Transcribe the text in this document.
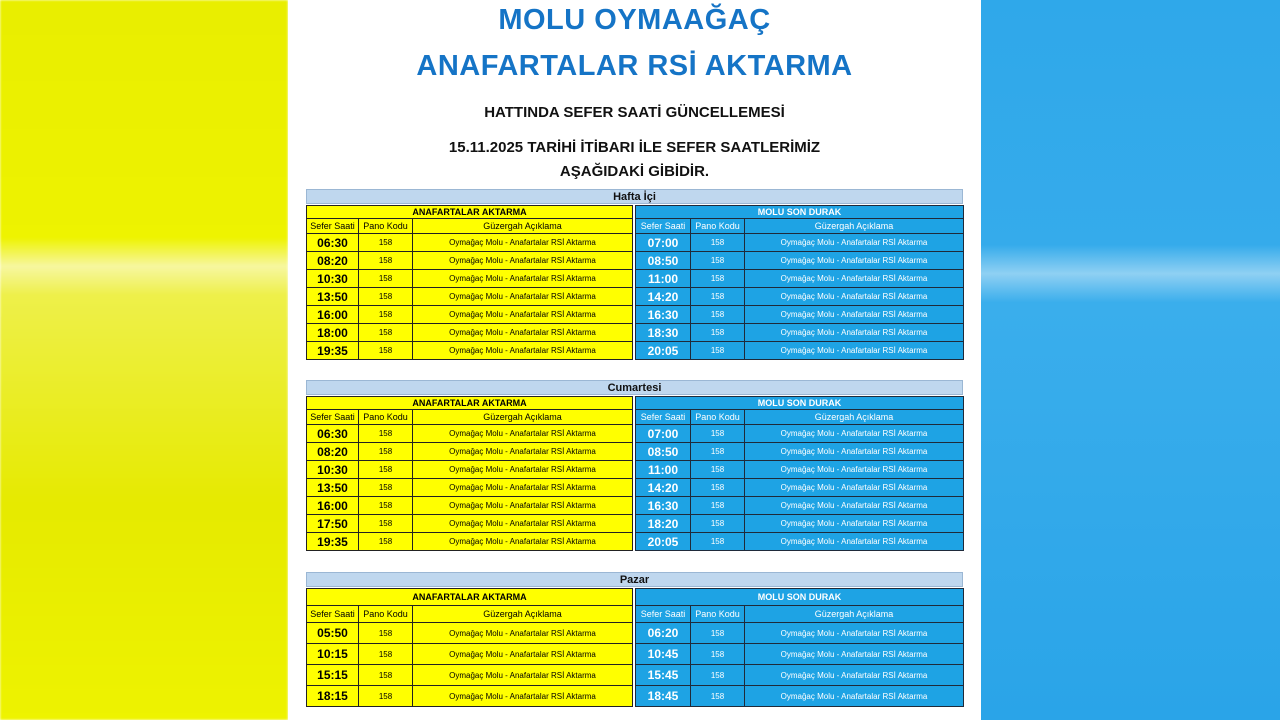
MOLU OYMAAĞAÇ
ANAFARTALAR RSİ AKTARMA
HATTINDA SEFER SAATİ GÜNCELLEMESİ
15.11.2025 TARİHİ İTİBARI İLE SEFER SAATLERİMİZ
AŞAĞIDAKİ GİBİDİR.
Hafta İçi
ANAFARTALAR AKTARMA		
Sefer Saati	Pano Kodu	Güzergah Açıklama
06:30	158	Oymağaç Molu - Anafartalar RSİ Aktarma
08:20	158	Oymağaç Molu - Anafartalar RSİ Aktarma
10:30	158	Oymağaç Molu - Anafartalar RSİ Aktarma
13:50	158	Oymağaç Molu - Anafartalar RSİ Aktarma
16:00	158	Oymağaç Molu - Anafartalar RSİ Aktarma
18:00	158	Oymağaç Molu - Anafartalar RSİ Aktarma
19:35	158	Oymağaç Molu - Anafartalar RSİ Aktarma
MOLU SON DURAK		
Sefer Saati	Pano Kodu	Güzergah Açıklama
07:00	158	Oymağaç Molu - Anafartalar RSİ Aktarma
08:50	158	Oymağaç Molu - Anafartalar RSİ Aktarma
11:00	158	Oymağaç Molu - Anafartalar RSİ Aktarma
14:20	158	Oymağaç Molu - Anafartalar RSİ Aktarma
16:30	158	Oymağaç Molu - Anafartalar RSİ Aktarma
18:30	158	Oymağaç Molu - Anafartalar RSİ Aktarma
20:05	158	Oymağaç Molu - Anafartalar RSİ Aktarma
Cumartesi
ANAFARTALAR AKTARMA		
Sefer Saati	Pano Kodu	Güzergah Açıklama
06:30	158	Oymağaç Molu - Anafartalar RSİ Aktarma
08:20	158	Oymağaç Molu - Anafartalar RSİ Aktarma
10:30	158	Oymağaç Molu - Anafartalar RSİ Aktarma
13:50	158	Oymağaç Molu - Anafartalar RSİ Aktarma
16:00	158	Oymağaç Molu - Anafartalar RSİ Aktarma
17:50	158	Oymağaç Molu - Anafartalar RSİ Aktarma
19:35	158	Oymağaç Molu - Anafartalar RSİ Aktarma
MOLU SON DURAK		
Sefer Saati	Pano Kodu	Güzergah Açıklama
07:00	158	Oymağaç Molu - Anafartalar RSİ Aktarma
08:50	158	Oymağaç Molu - Anafartalar RSİ Aktarma
11:00	158	Oymağaç Molu - Anafartalar RSİ Aktarma
14:20	158	Oymağaç Molu - Anafartalar RSİ Aktarma
16:30	158	Oymağaç Molu - Anafartalar RSİ Aktarma
18:20	158	Oymağaç Molu - Anafartalar RSİ Aktarma
20:05	158	Oymağaç Molu - Anafartalar RSİ Aktarma
Pazar
ANAFARTALAR AKTARMA		
Sefer Saati	Pano Kodu	Güzergah Açıklama
05:50	158	Oymağaç Molu - Anafartalar RSİ Aktarma
10:15	158	Oymağaç Molu - Anafartalar RSİ Aktarma
15:15	158	Oymağaç Molu - Anafartalar RSİ Aktarma
18:15	158	Oymağaç Molu - Anafartalar RSİ Aktarma
MOLU SON DURAK		
Sefer Saati	Pano Kodu	Güzergah Açıklama
06:20	158	Oymağaç Molu - Anafartalar RSİ Aktarma
10:45	158	Oymağaç Molu - Anafartalar RSİ Aktarma
15:45	158	Oymağaç Molu - Anafartalar RSİ Aktarma
18:45	158	Oymağaç Molu - Anafartalar RSİ Aktarma
